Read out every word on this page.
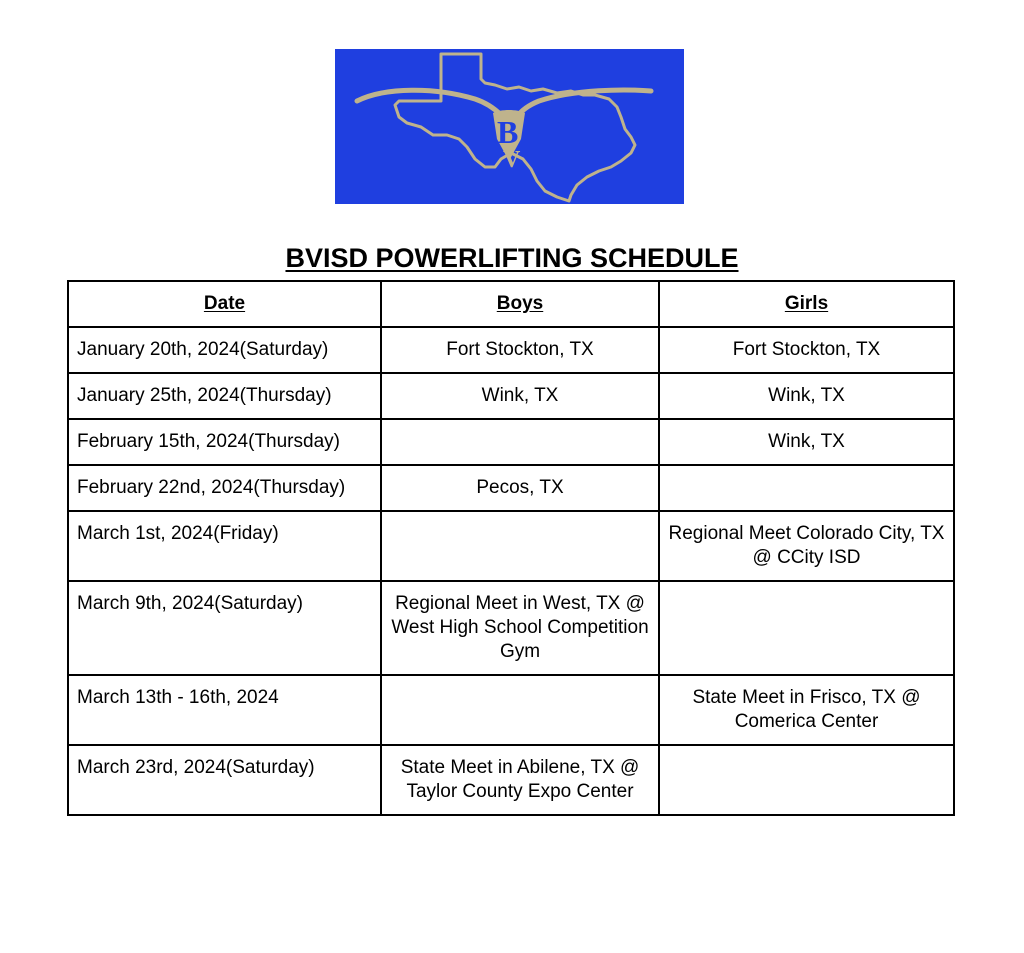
B
V
BVISD POWERLIFTING SCHEDULE
Date	Boys	Girls
January 20th, 2024(Saturday)	Fort Stockton, TX	Fort Stockton, TX
January 25th, 2024(Thursday)	Wink, TX	Wink, TX
February 15th, 2024(Thursday)		Wink, TX
February 22nd, 2024(Thursday)	Pecos, TX	
March 1st, 2024(Friday)		Regional Meet Colorado City, TX @ CCity ISD
March 9th, 2024(Saturday)	Regional Meet in West, TX @ West High School Competition Gym	
March 13th - 16th, 2024		State Meet in Frisco, TX @ Comerica Center
March 23rd, 2024(Saturday)	State Meet in Abilene, TX @ Taylor County Expo Center	
